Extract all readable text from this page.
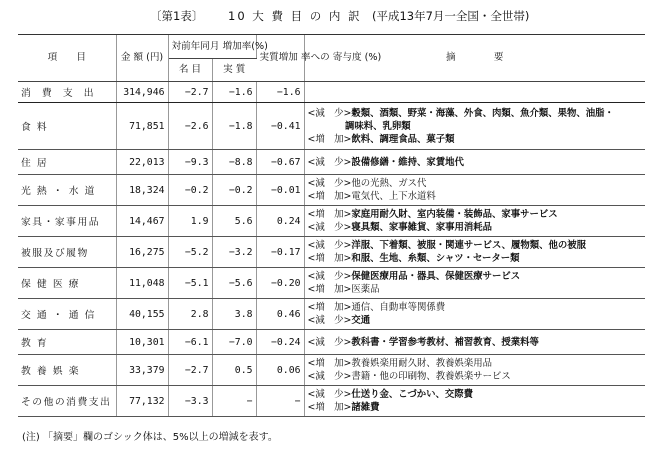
〔第1表〕 10 大 費 目 の 内 訳 (平成13年7月一全国・全世帯)
項　　目	金 額 (円)	対前年同月 増加率(%)		実質増加 率への 寄与度 (%)	摘　　　　要
		名 目	実 質		
消 費 支 出	314,946	−2.7	−1.6	−1.6	
食 料	71,851	−2.6	−1.8	−0.41	<減　少>穀類、酒類、野菜・海藻、外食、肉類、魚介類、果物、油脂・
　　　　調味料、乳卵類
<増　加>飲料、調理食品、菓子類

住 居	22,013	−9.3	−8.8	−0.67	<減　少>設備修繕・維持、家賃地代

光 熱 ・ 水 道	18,324	−0.2	−0.2	−0.01	<減　少>他の光熱、ガス代
<増　加>電気代、上下水道料

家具・家事用品	14,467	1.9	5.6	0.24	<増　加>家庭用耐久財、室内装備・装飾品、家事サービス
<減　少>寝具類、家事雑貨、家事用消耗品

被服及び履物	16,275	−5.2	−3.2	−0.17	<減　少>洋服、下着類、被服・関連サービス、履物類、他の被服
<増　加>和服、生地、糸類、シャツ・セーター類

保 健 医 療	11,048	−5.1	−5.6	−0.20	<減　少>保健医療用品・器具、保健医療サービス
<増　加>医薬品

交 通 ・ 通 信	40,155	2.8	3.8	0.46	<増　加>通信、自動車等関係費
<減　少>交通

教 育	10,301	−6.1	−7.0	−0.24	<減　少>教科書・学習参考教材、補習教育、授業料等

教 養 娯 楽	33,379	−2.7	0.5	0.06	<増　加>教養娯楽用耐久財、教養娯楽用品
<減　少>書籍・他の印刷物、教養娯楽サービス

その他の消費支出	77,132	−3.3	−	−	<減　少>仕送り金、こづかい、交際費
<増　加>諸雑費
(注) 「摘要」欄のゴシック体は、5%以上の増減を表す。
